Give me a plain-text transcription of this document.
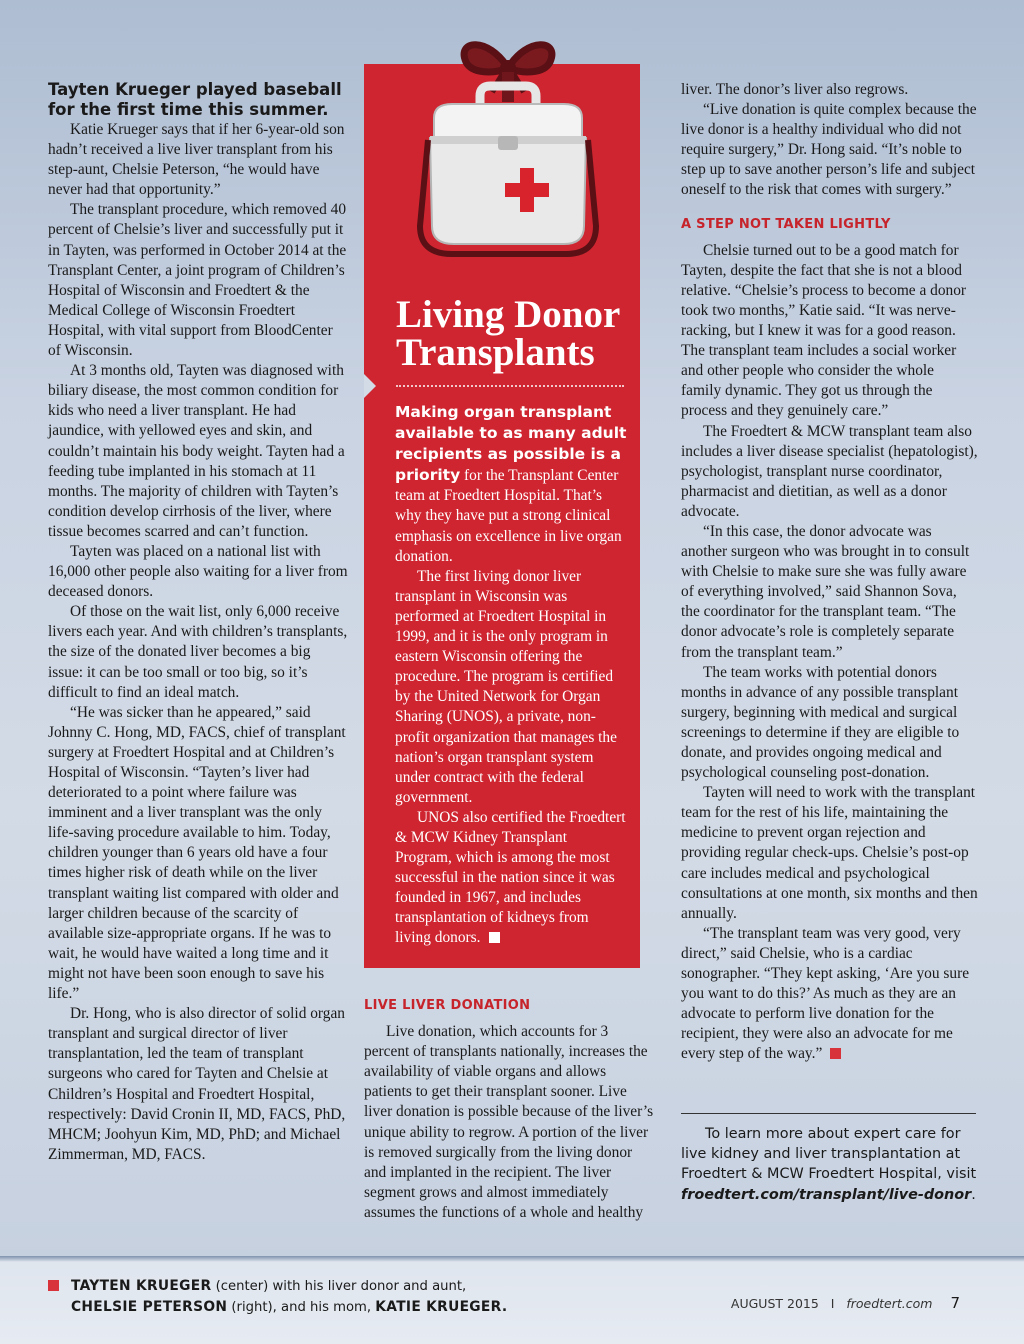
Tayten Krueger played baseball
for the first time this summer.

Katie Krueger says that if her 6-year-old son hadn’t received a live liver transplant from his step-aunt, Chelsie Peterson, “he would have never had that opportunity.”

The transplant procedure, which removed 40 percent of Chelsie’s liver and successfully put it in Tayten, was performed in October 2014 at the Transplant Center, a joint program of Children’s Hospital of Wisconsin and Froedtert & the Medical College of Wisconsin Froedtert Hospital, with vital support from BloodCenter of Wisconsin.

At 3 months old, Tayten was diagnosed with biliary disease, the most common condition for kids who need a liver transplant. He had jaundice, with yellowed eyes and skin, and couldn’t maintain his body weight. Tayten had a feeding tube implanted in his stomach at 11 months. The majority of children with Tayten’s condition develop cirrhosis of the liver, where tissue becomes scarred and can’t function.

Tayten was placed on a national list with 16,000 other people also waiting for a liver from deceased donors.

Of those on the wait list, only 6,000 receive livers each year. And with children’s transplants, the size of the donated liver becomes a big issue: it can be too small or too big, so it’s difficult to find an ideal match.

“He was sicker than he appeared,” said Johnny C. Hong, MD, FACS, chief of transplant surgery at Froedtert Hospital and at Children’s Hospital of Wisconsin. “Tayten’s liver had deteriorated to a point where failure was imminent and a liver transplant was the only life-saving procedure available to him. Today, children younger than 6 years old have a four times higher risk of death while on the liver transplant waiting list compared with older and larger children because of the scarcity of available size-appropriate organs. If he was to wait, he would have waited a long time and it might not have been soon enough to save his life.”

Dr. Hong, who is also director of solid organ transplant and surgical director of liver transplantation, led the team of transplant surgeons who cared for Tayten and Chelsie at Children’s Hospital and Froedtert Hospital, respectively: David Cronin II, MD, FACS, PhD, MHCM; Joohyun Kim, MD, PhD; and Michael Zimmerman, MD, FACS.

Living Donor
Transplants

Making organ transplant available to as many adult recipients as possible is a priority for the Transplant Center team at Froedtert Hospital. That’s why they have put a strong clinical emphasis on excellence in live organ donation.

The first living donor liver transplant in Wisconsin was performed at Froedtert Hospital in 1999, and it is the only program in eastern Wisconsin offering the procedure. The program is certified by the United Network for Organ Sharing (UNOS), a private, non-profit organization that manages the nation’s organ transplant system under contract with the federal government.

UNOS also certified the Froedtert & MCW Kidney Transplant Program, which is among the most successful in the nation since it was founded in 1967, and includes transplantation of kidneys from living donors.

LIVE LIVER DONATION

Live donation, which accounts for 3 percent of transplants nationally, increases the availability of viable organs and allows patients to get their transplant sooner. Live liver donation is possible because of the liver’s unique ability to regrow. A portion of the liver is removed surgically from the living donor and implanted in the recipient. The liver segment grows and almost immediately assumes the functions of a whole and healthy

liver. The donor’s liver also regrows.

“Live donation is quite complex because the live donor is a healthy individual who did not require surgery,” Dr. Hong said. “It’s noble to step up to save another person’s life and subject oneself to the risk that comes with surgery.”

A STEP NOT TAKEN LIGHTLY

Chelsie turned out to be a good match for Tayten, despite the fact that she is not a blood relative. “Chelsie’s process to become a donor took two months,” Katie said. “It was nerve-racking, but I knew it was for a good reason. The transplant team includes a social worker and other people who consider the whole family dynamic. They got us through the process and they genuinely care.”

The Froedtert & MCW transplant team also includes a liver disease specialist (hepatologist), psychologist, transplant nurse coordinator, pharmacist and dietitian, as well as a donor advocate.

“In this case, the donor advocate was another surgeon who was brought in to consult with Chelsie to make sure she was fully aware of everything involved,” said Shannon Sova, the coordinator for the transplant team. “The donor advocate’s role is completely separate from the transplant team.”

The team works with potential donors months in advance of any possible transplant surgery, beginning with medical and surgical screenings to determine if they are eligible to donate, and provides ongoing medical and psychological counseling post-donation.

Tayten will need to work with the transplant team for the rest of his life, maintaining the medicine to prevent organ rejection and providing regular check-ups. Chelsie’s post-op care includes medical and psychological consultations at one month, six months and then annually.

“The transplant team was very good, very direct,” said Chelsie, who is a cardiac sonographer. “They kept asking, ‘Are you sure you want to do this?’ As much as they are an advocate to perform live donation for the recipient, they were also an advocate for me every step of the way.”

To learn more about expert care for live kidney and liver transplantation at Froedtert & MCW Froedtert Hospital, visit froedtert.com/transplant/live-donor.

TAYTEN KRUEGER (center) with his liver donor and aunt,
CHELSIE PETERSON (right), and his mom, KATIE KRUEGER.	AUGUST 2015 I froedtert.com 7
